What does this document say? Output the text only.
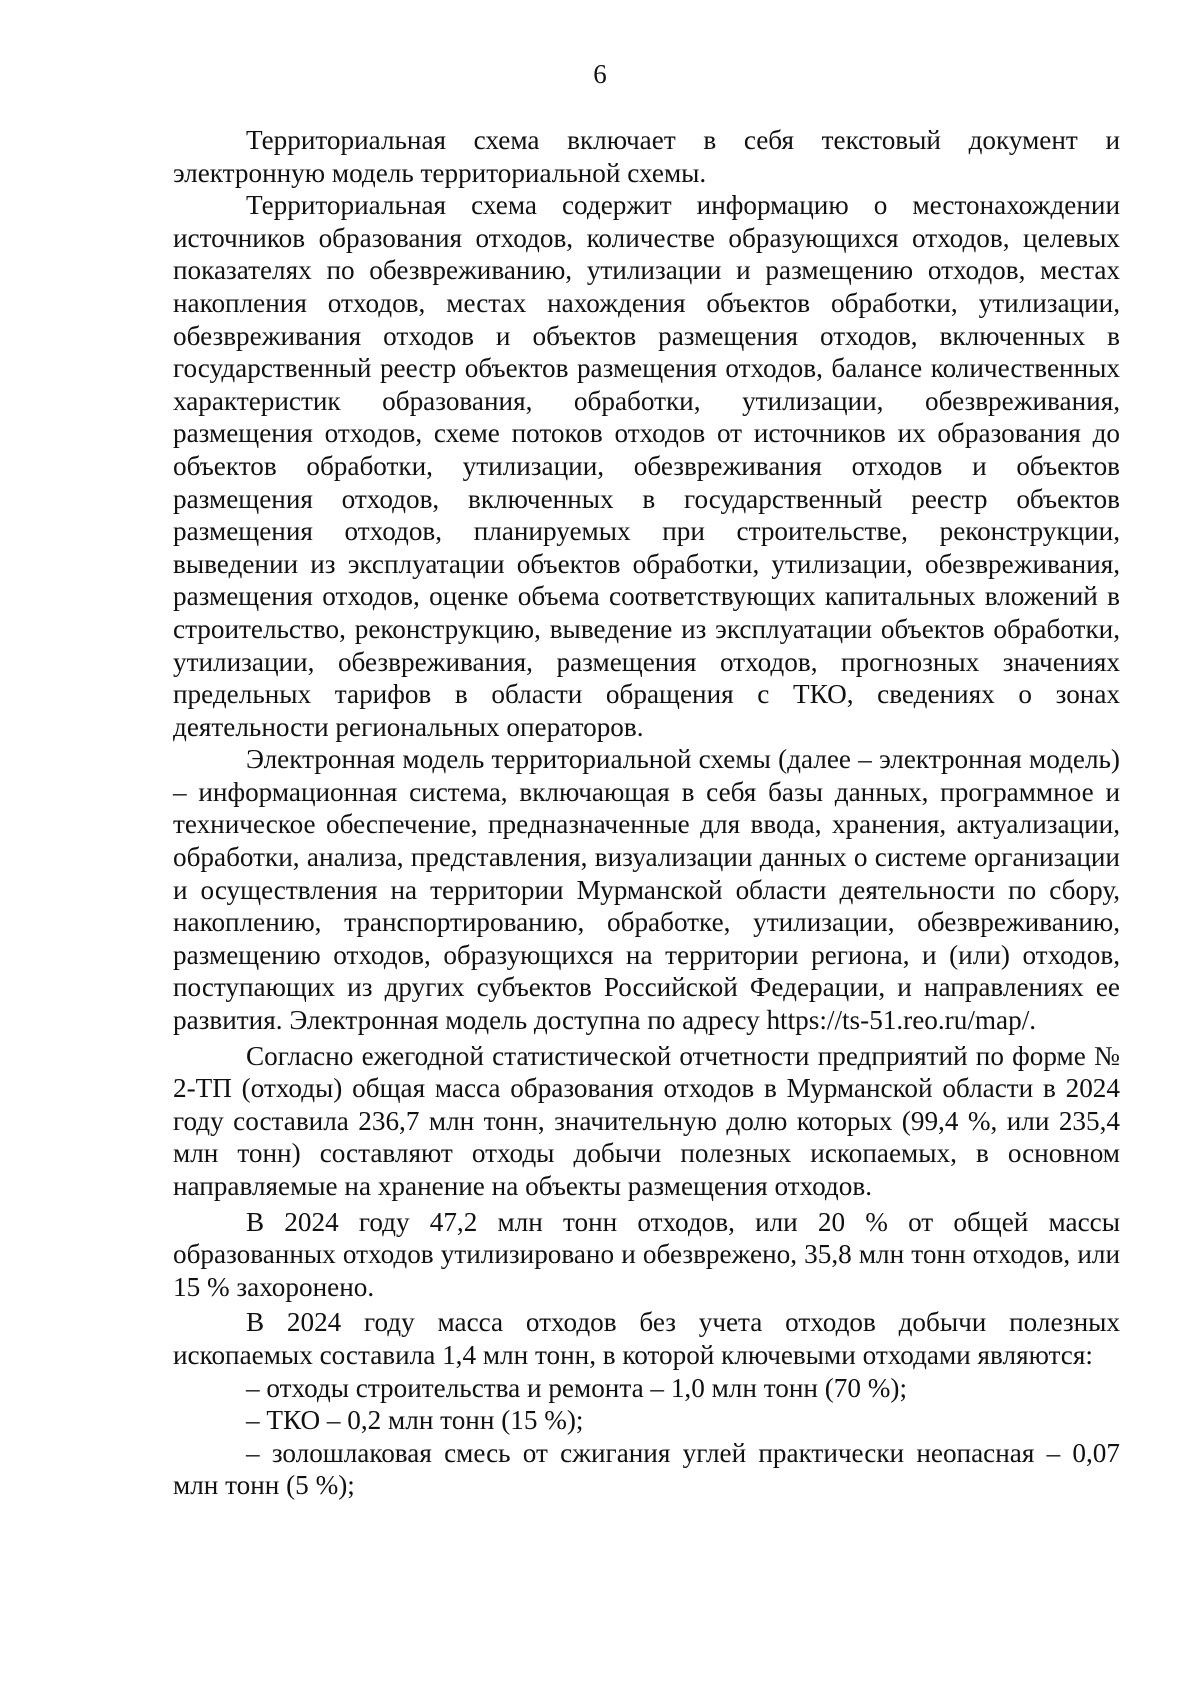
6

Территориальная схема включает в себя текстовый документ и электронную модель территориальной схемы.

Территориальная схема содержит информацию о местонахождении источников образования отходов, количестве образующихся отходов, целевых показателях по обезвреживанию, утилизации и размещению отходов, местах накопления отходов, местах нахождения объектов обработки, утилизации, обезвреживания отходов и объектов размещения отходов, включенных в государственный реестр объектов размещения отходов, балансе количественных характеристик образования, обработки, утилизации, обезвреживания, размещения отходов, схеме потоков отходов от источников их образования до объектов обработки, утилизации, обезвреживания отходов и объектов размещения отходов, включенных в государственный реестр объектов размещения отходов, планируемых при строительстве, реконструкции, выведении из эксплуатации объектов обработки, утилизации, обезвреживания, размещения отходов, оценке объема соответствующих капитальных вложений в строительство, реконструкцию, выведение из эксплуатации объектов обработки, утилизации, обезвреживания, размещения отходов, прогнозных значениях предельных тарифов в области обращения с ТКО, сведениях о зонах деятельности региональных операторов.

Электронная модель территориальной схемы (далее – электронная модель) – информационная система, включающая в себя базы данных, программное и техническое обеспечение, предназначенные для ввода, хранения, актуализации, обработки, анализа, представления, визуализации данных о системе организации и осуществления на территории Мурманской области деятельности по сбору, накоплению, транспортированию, обработке, утилизации, обезвреживанию, размещению отходов, образующихся на территории региона, и (или) отходов, поступающих из других субъектов Российской Федерации, и направлениях ее развития. Электронная модель доступна по адресу https://ts-51.reo.ru/map/.

Согласно ежегодной статистической отчетности предприятий по форме № 2-ТП (отходы) общая масса образования отходов в Мурманской области в 2024 году составила 236,7 млн тонн, значительную долю которых (99,4 %, или 235,4 млн тонн) составляют отходы добычи полезных ископаемых, в основном направляемые на хранение на объекты размещения отходов.

В 2024 году 47,2 млн тонн отходов, или 20 % от общей массы образованных отходов утилизировано и обезврежено, 35,8 млн тонн отходов, или 15 % захоронено.

В 2024 году масса отходов без учета отходов добычи полезных ископаемых составила 1,4 млн тонн, в которой ключевыми отходами являются:

– отходы строительства и ремонта – 1,0 млн тонн (70 %);
– ТКО – 0,2 млн тонн (15 %);
– золошлаковая смесь от сжигания углей практически неопасная – 0,07 млн тонн (5 %);
